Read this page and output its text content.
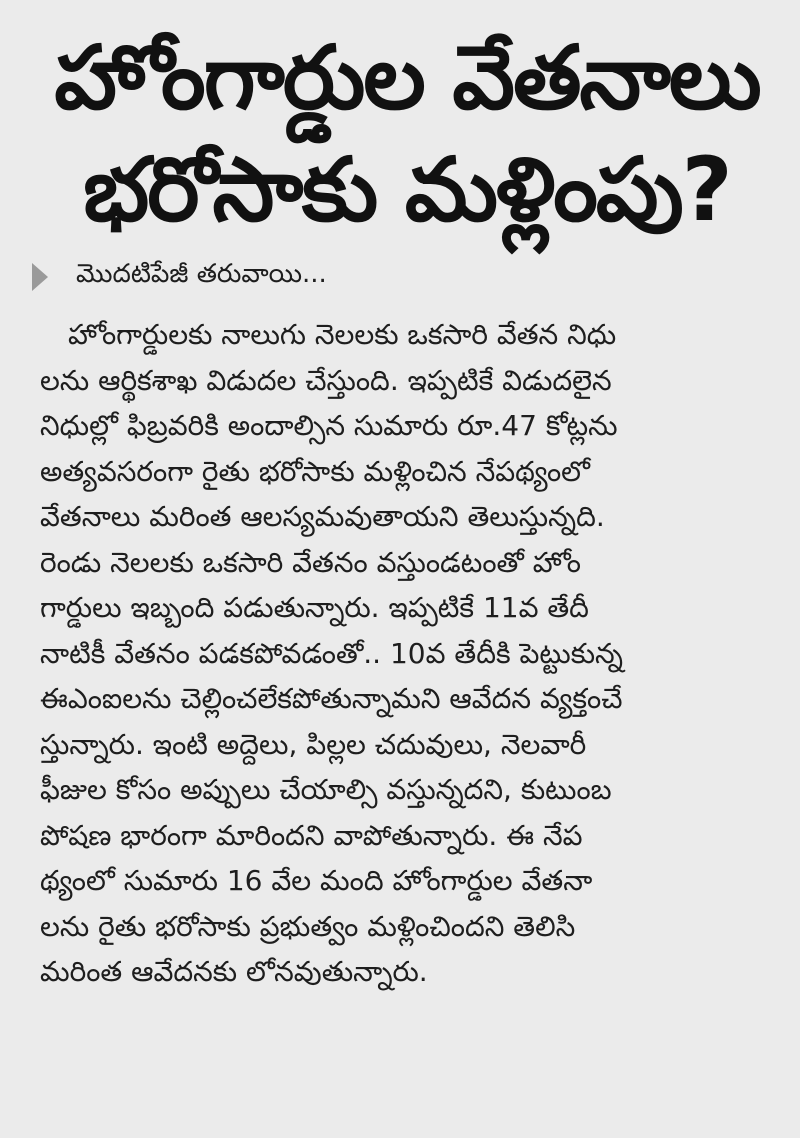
హోంగార్డుల వేతనాలు
భరోసాకు మళ్లింపు?
మొదటిపేజీ తరువాయి...
హోంగార్డులకు నాలుగు నెలలకు ఒకసారి వేతన నిధు
లను ఆర్థికశాఖ విడుదల చేస్తుంది. ఇప్పటికే విడుదలైన
నిధుల్లో ఫిబ్రవరికి అందాల్సిన సుమారు రూ.47 కోట్లను
అత్యవసరంగా రైతు భరోసాకు మళ్లించిన నేపథ్యంలో
వేతనాలు మరింత ఆలస్యమవుతాయని తెలుస్తున్నది.
రెండు నెలలకు ఒకసారి వేతనం వస్తుండటంతో హోం
గార్డులు ఇబ్బంది పడుతున్నారు. ఇప్పటికే 11వ తేదీ
నాటికీ వేతనం పడకపోవడంతో.. 10వ తేదీకి పెట్టుకున్న
ఈఎంఐలను చెల్లించలేకపోతున్నామని ఆవేదన వ్యక్తంచే
స్తున్నారు. ఇంటి అద్దెలు, పిల్లల చదువులు, నెలవారీ
ఫీజుల కోసం అప్పులు చేయాల్సి వస్తున్నదని, కుటుంబ
పోషణ భారంగా మారిందని వాపోతున్నారు. ఈ నేప
థ్యంలో సుమారు 16 వేల మంది హోంగార్డుల వేతనా
లను రైతు భరోసాకు ప్రభుత్వం మళ్లించిందని తెలిసి
మరింత ఆవేదనకు లోనవుతున్నారు.
